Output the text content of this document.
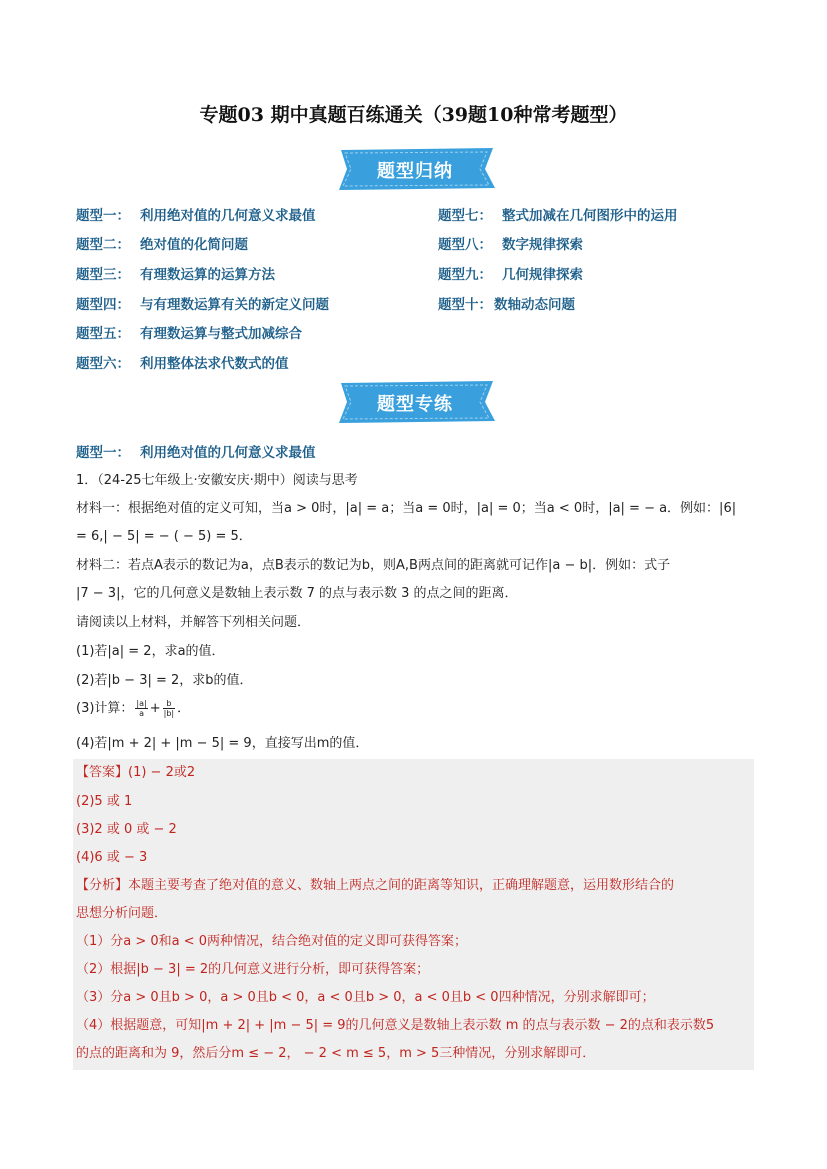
专题03 期中真题百练通关（39题10种常考题型）
题型归纳
题型一： 利用绝对值的几何意义求最值
题型二： 绝对值的化简问题
题型三： 有理数运算的运算方法
题型四： 与有理数运算有关的新定义问题
题型五： 有理数运算与整式加减综合
题型六： 利用整体法求代数式的值
题型七： 整式加减在几何图形中的运用
题型八： 数字规律探索
题型九： 几何规律探索
题型十： 数轴动态问题
题型专练
题型一： 利用绝对值的几何意义求最值
1．（24-25七年级上·安徽安庆·期中）阅读与思考
材料一：根据绝对值的定义可知，当a > 0时，|a| = a；当a = 0时，|a| = 0；当a < 0时，|a| = − a．例如：|6|
= 6,| − 5| = − ( − 5) = 5．
材料二：若点A表示的数记为a，点B表示的数记为b，则A,B两点间的距离就可记作|a − b|．例如：式子
|7 − 3|，它的几何意义是数轴上表示数 7 的点与表示数 3 的点之间的距离．
请阅读以上材料，并解答下列相关问题．
(1)若|a| = 2，求a的值．
(2)若|b − 3| = 2，求b的值．
(3)计算： $\frac{|a|}{a} + \frac{b}{|b|}$ ．
(4)若|m + 2| + |m − 5| = 9，直接写出m的值．
【答案】(1) − 2或2
(2)5 或 1
(3)2 或 0 或 − 2
(4)6 或 − 3
【分析】本题主要考查了绝对值的意义、数轴上两点之间的距离等知识，正确理解题意，运用数形结合的
思想分析问题．
（1）分a > 0和a < 0两种情况，结合绝对值的定义即可获得答案；
（2）根据|b − 3| = 2的几何意义进行分析，即可获得答案；
（3）分a > 0且b > 0，a > 0且b < 0，a < 0且b > 0，a < 0且b < 0四种情况，分别求解即可；
（4）根据题意，可知|m + 2| + |m − 5| = 9的几何意义是数轴上表示数 m 的点与表示数 − 2的点和表示数5
的点的距离和为 9，然后分m ≤ − 2， − 2 < m ≤ 5，m > 5三种情况，分别求解即可．
